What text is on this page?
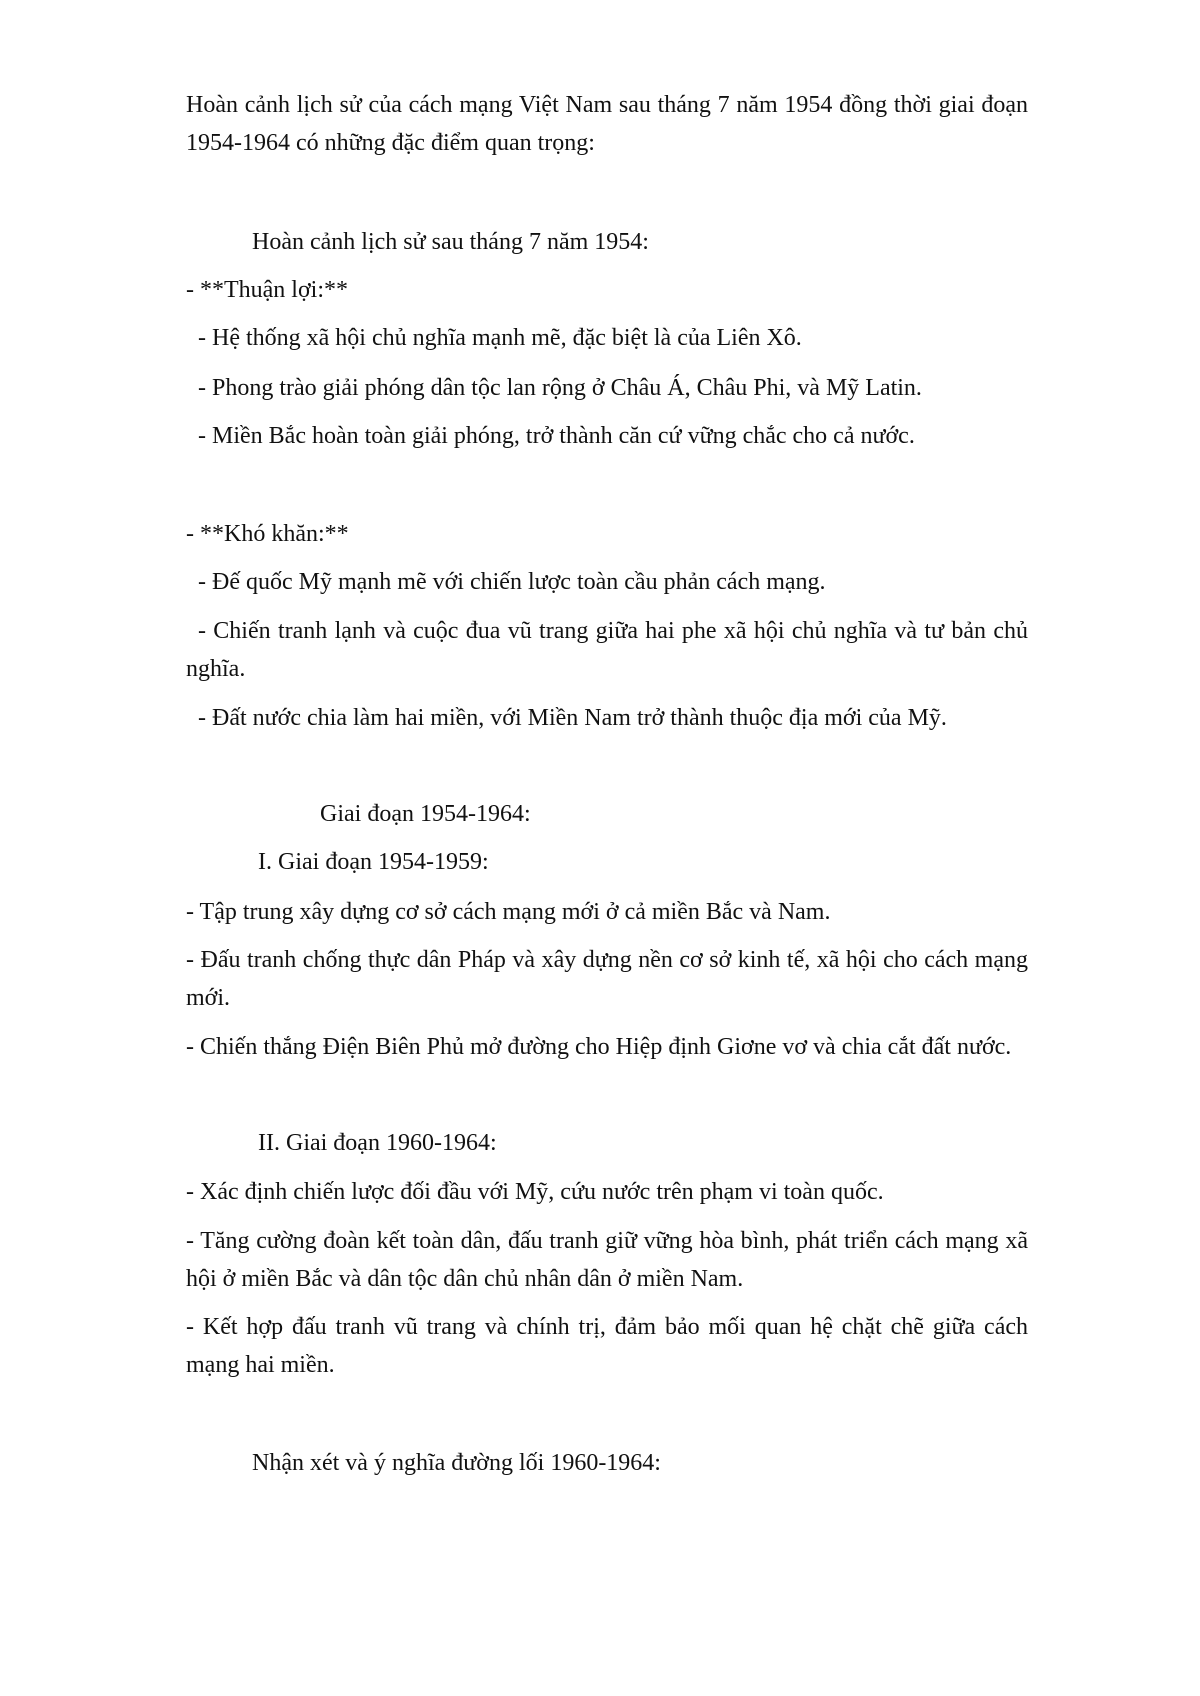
Hoàn cảnh lịch sử của cách mạng Việt Nam sau tháng 7 năm 1954 đồng thời giai đoạn
1954-1964 có những đặc điểm quan trọng:
Hoàn cảnh lịch sử sau tháng 7 năm 1954:
- **Thuận lợi:**
- Hệ thống xã hội chủ nghĩa mạnh mẽ, đặc biệt là của Liên Xô.
- Phong trào giải phóng dân tộc lan rộng ở Châu Á, Châu Phi, và Mỹ Latin.
- Miền Bắc hoàn toàn giải phóng, trở thành căn cứ vững chắc cho cả nước.
- **Khó khăn:**
- Đế quốc Mỹ mạnh mẽ với chiến lược toàn cầu phản cách mạng.
- Chiến tranh lạnh và cuộc đua vũ trang giữa hai phe xã hội chủ nghĩa và tư bản chủ
nghĩa.
- Đất nước chia làm hai miền, với Miền Nam trở thành thuộc địa mới của Mỹ.
Giai đoạn 1954-1964:
I. Giai đoạn 1954-1959:
- Tập trung xây dựng cơ sở cách mạng mới ở cả miền Bắc và Nam.
- Đấu tranh chống thực dân Pháp và xây dựng nền cơ sở kinh tế, xã hội cho cách mạng
mới.
- Chiến thắng Điện Biên Phủ mở đường cho Hiệp định Giơne vơ và chia cắt đất nước.
II. Giai đoạn 1960-1964:
- Xác định chiến lược đối đầu với Mỹ, cứu nước trên phạm vi toàn quốc.
- Tăng cường đoàn kết toàn dân, đấu tranh giữ vững hòa bình, phát triển cách mạng xã
hội ở miền Bắc và dân tộc dân chủ nhân dân ở miền Nam.
- Kết hợp đấu tranh vũ trang và chính trị, đảm bảo mối quan hệ chặt chẽ giữa cách
mạng hai miền.
Nhận xét và ý nghĩa đường lối 1960-1964:
